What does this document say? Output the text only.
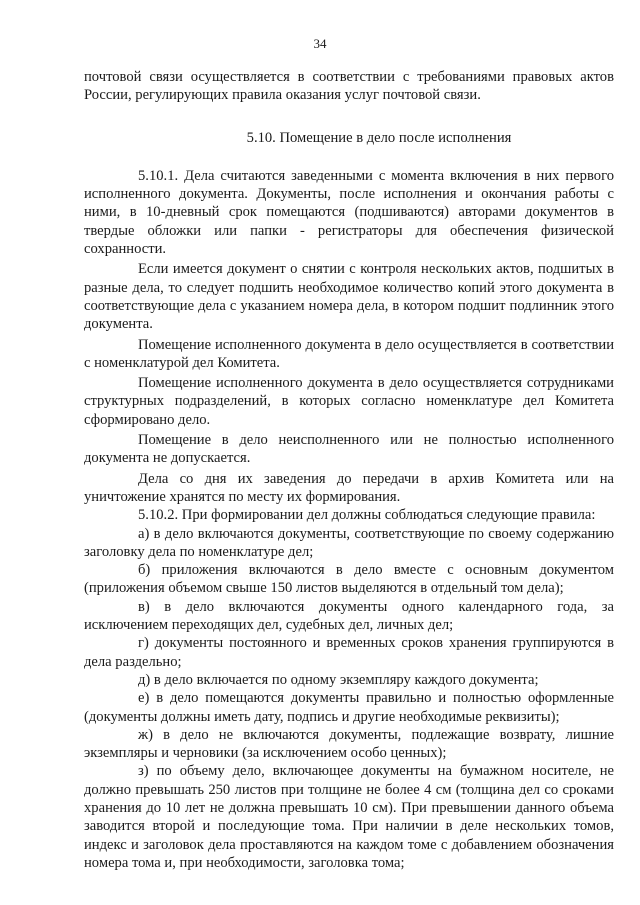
34

почтовой связи осуществляется в соответствии с требованиями правовых актов России, регулирующих правила оказания услуг почтовой связи.

5.10. Помещение в дело после исполнения

5.10.1. Дела считаются заведенными с момента включения в них первого исполненного документа. Документы, после исполнения и окончания работы с ними, в 10-дневный срок помещаются (подшиваются) авторами документов в твердые обложки или папки - регистраторы для обеспечения физической сохранности.

Если имеется документ о снятии с контроля нескольких актов, подшитых в разные дела, то следует подшить необходимое количество копий этого документа в соответствующие дела с указанием номера дела, в котором подшит подлинник этого документа.

Помещение исполненного документа в дело осуществляется в соответствии с номенклатурой дел Комитета.

Помещение исполненного документа в дело осуществляется сотрудниками структурных подразделений, в которых согласно номенклатуре дел Комитета сформировано дело.

Помещение в дело неисполненного или не полностью исполненного документа не допускается.

Дела со дня их заведения до передачи в архив Комитета или на уничтожение хранятся по месту их формирования.

5.10.2. При формировании дел должны соблюдаться следующие правила:

а) в дело включаются документы, соответствующие по своему содержанию заголовку дела по номенклатуре дел;

б) приложения включаются в дело вместе с основным документом (приложения объемом свыше 150 листов выделяются в отдельный том дела);

в) в дело включаются документы одного календарного года, за исключением переходящих дел, судебных дел, личных дел;

г) документы постоянного и временных сроков хранения группируются в дела раздельно;

д) в дело включается по одному экземпляру каждого документа;

е) в дело помещаются документы правильно и полностью оформленные (документы должны иметь дату, подпись и другие необходимые реквизиты);

ж) в дело не включаются документы, подлежащие возврату, лишние экземпляры и черновики (за исключением особо ценных);

з) по объему дело, включающее документы на бумажном носителе, не должно превышать 250 листов при толщине не более 4 см (толщина дел со сроками хранения до 10 лет не должна превышать 10 см). При превышении данного объема заводится второй и последующие тома. При наличии в деле нескольких томов, индекс и заголовок дела проставляются на каждом томе с добавлением обозначения номера тома и, при необходимости, заголовка тома;
